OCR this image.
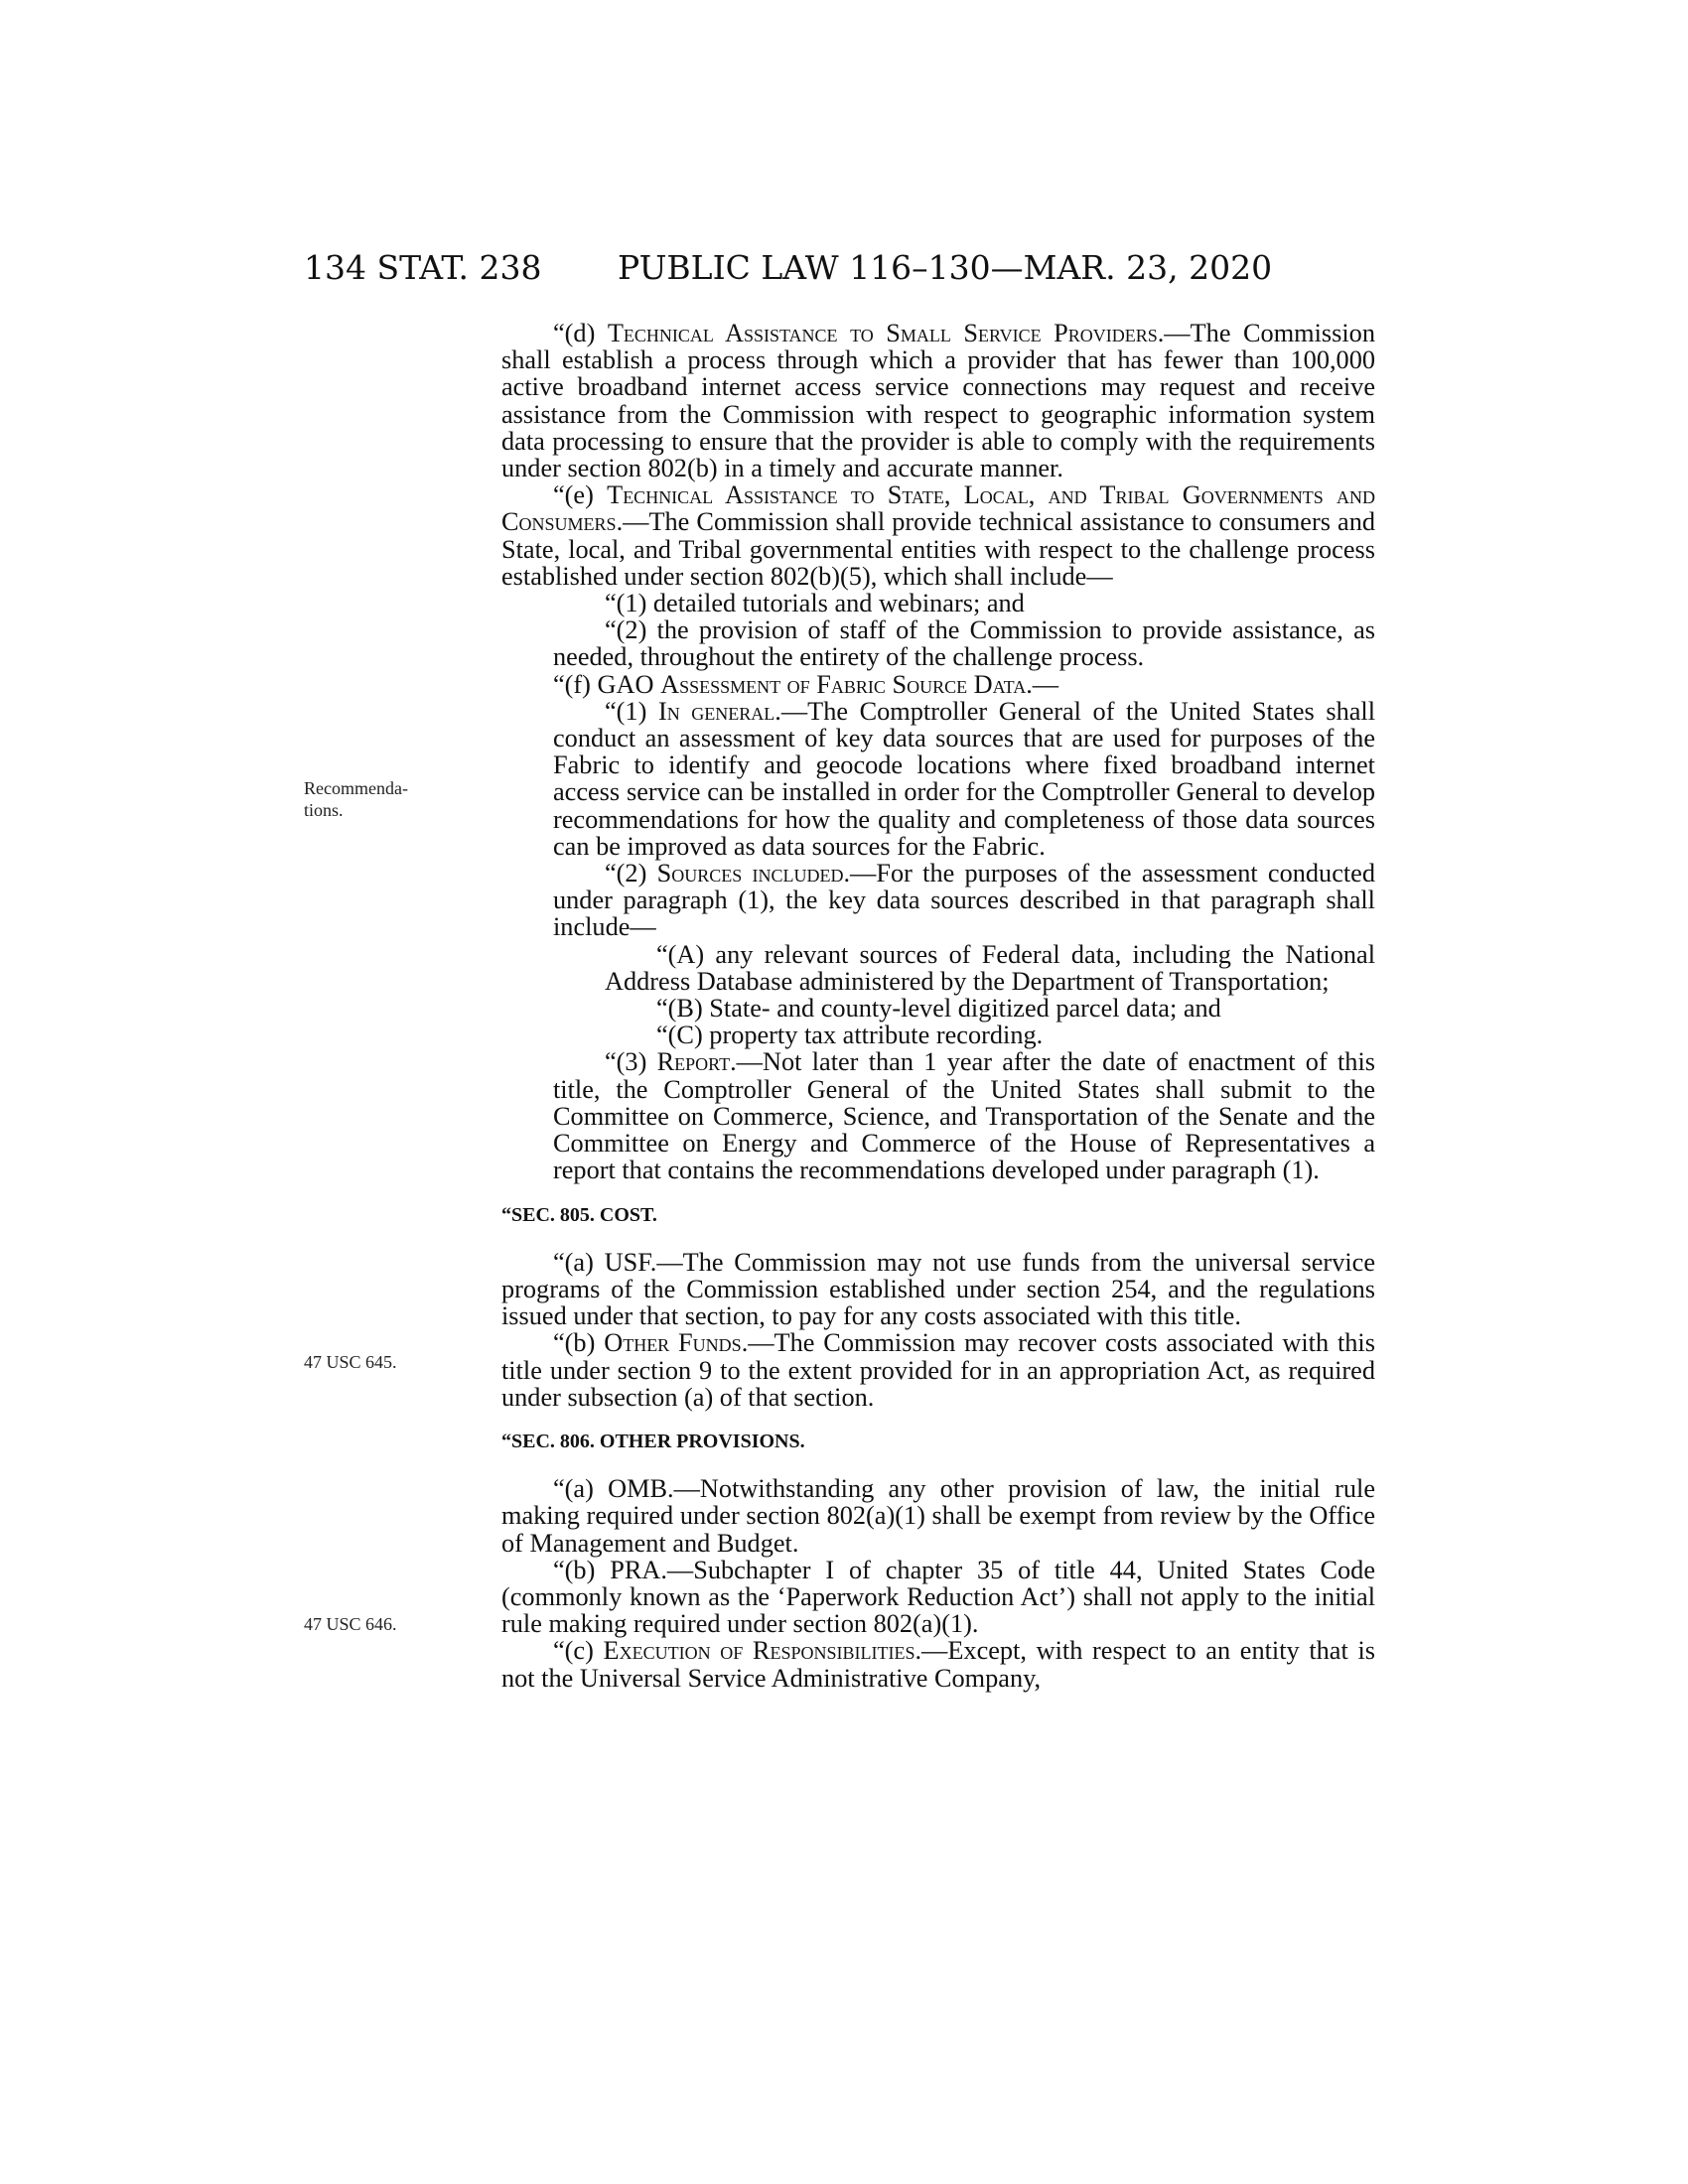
134 STAT. 238 PUBLIC LAW 116–130—MAR. 23, 2020
Recommenda-
tions.
47 USC 645.
47 USC 646.

“(d) Technical Assistance to Small Service Providers.—The Commission shall establish a process through which a provider that has fewer than 100,000 active broadband internet access service connections may request and receive assistance from the Commission with respect to geographic information system data processing to ensure that the provider is able to comply with the requirements under section 802(b) in a timely and accurate manner.

“(e) Technical Assistance to State, Local, and Tribal Governments and Consumers.—The Commission shall provide technical assistance to consumers and State, local, and Tribal governmental entities with respect to the challenge process established under section 802(b)(5), which shall include—

“(1) detailed tutorials and webinars; and

“(2) the provision of staff of the Commission to provide assistance, as needed, throughout the entirety of the challenge process.

“(f) GAO Assessment of Fabric Source Data.—

“(1) In general.—The Comptroller General of the United States shall conduct an assessment of key data sources that are used for purposes of the Fabric to identify and geocode locations where fixed broadband internet access service can be installed in order for the Comptroller General to develop recommendations for how the quality and completeness of those data sources can be improved as data sources for the Fabric.

“(2) Sources included.—For the purposes of the assessment conducted under paragraph (1), the key data sources described in that paragraph shall include—

“(A) any relevant sources of Federal data, including the National Address Database administered by the Department of Transportation;

“(B) State- and county-level digitized parcel data; and

“(C) property tax attribute recording.

“(3) Report.—Not later than 1 year after the date of enactment of this title, the Comptroller General of the United States shall submit to the Committee on Commerce, Science, and Transportation of the Senate and the Committee on Energy and Commerce of the House of Representatives a report that contains the recommendations developed under paragraph (1).

“SEC. 805. COST.

“(a) USF.—The Commission may not use funds from the universal service programs of the Commission established under section 254, and the regulations issued under that section, to pay for any costs associated with this title.

“(b) Other Funds.—The Commission may recover costs associated with this title under section 9 to the extent provided for in an appropriation Act, as required under subsection (a) of that section.

“SEC. 806. OTHER PROVISIONS.

“(a) OMB.—Notwithstanding any other provision of law, the initial rule making required under section 802(a)(1) shall be exempt from review by the Office of Management and Budget.

“(b) PRA.—Subchapter I of chapter 35 of title 44, United States Code (commonly known as the ‘Paperwork Reduction Act’) shall not apply to the initial rule making required under section 802(a)(1).

“(c) Execution of Responsibilities.—Except, with respect to an entity that is not the Universal Service Administrative Company,
